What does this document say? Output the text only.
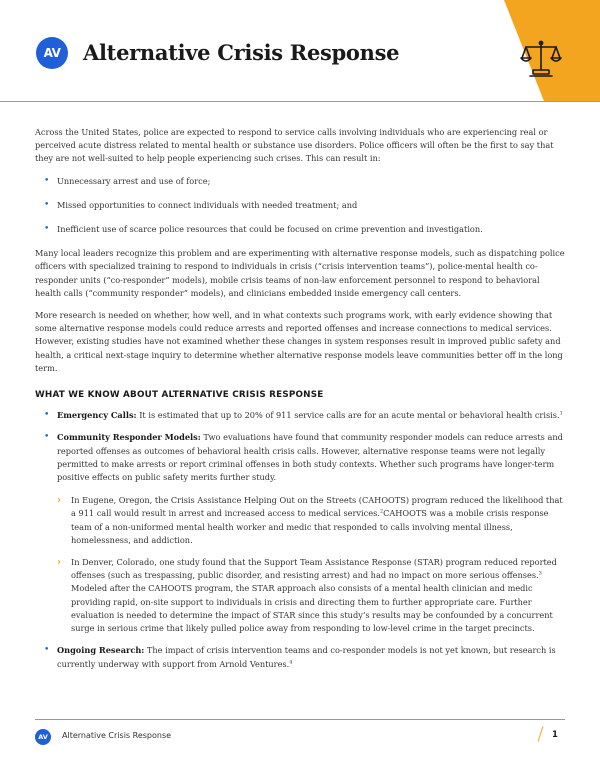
AV	Alternative Crisis Response

Across the United States, police are expected to respond to service calls involving individuals who are experiencing real or perceived acute distress related to mental health or substance use disorders. Police officers will often be the first to say that they are not well-suited to help people experiencing such crises. This can result in:

• Unnecessary arrest and use of force;
• Missed opportunities to connect individuals with needed treatment; and
• Inefficient use of scarce police resources that could be focused on crime prevention and investigation.

Many local leaders recognize this problem and are experimenting with alternative response models, such as dispatching police officers with specialized training to respond to individuals in crisis (“crisis intervention teams”), police-mental health co-responder units (“co-responder” models), mobile crisis teams of non-law enforcement personnel to respond to behavioral health calls (“community responder” models), and clinicians embedded inside emergency call centers.

More research is needed on whether, how well, and in what contexts such programs work, with early evidence showing that some alternative response models could reduce arrests and reported offenses and increase connections to medical services. However, existing studies have not examined whether these changes in system responses result in improved public safety and health, a critical next-stage inquiry to determine whether alternative response models leave communities better off in the long term.

WHAT WE KNOW ABOUT ALTERNATIVE CRISIS RESPONSE
• Emergency Calls: It is estimated that up to 20% of 911 service calls are for an acute mental or behavioral health crisis.$^1$
• Community Responder Models: Two evaluations have found that community responder models can reduce arrests and reported offenses as outcomes of behavioral health crisis calls. However, alternative response teams were not legally permitted to make arrests or report criminal offenses in both study contexts. Whether such programs have longer-term positive effects on public safety merits further study.
› In Eugene, Oregon, the Crisis Assistance Helping Out on the Streets (CAHOOTS) program reduced the likelihood that a 911 call would result in arrest and increased access to medical services.$^2$CAHOOTS was a mobile crisis response team of a non-uniformed mental health worker and medic that responded to calls involving mental illness, homelessness, and addiction.
› In Denver, Colorado, one study found that the Support Team Assistance Response (STAR) program reduced reported offenses (such as trespassing, public disorder, and resisting arrest) and had no impact on more serious offenses.$^3$ Modeled after the CAHOOTS program, the STAR approach also consists of a mental health clinician and medic providing rapid, on-site support to individuals in crisis and directing them to further appropriate care. Further evaluation is needed to determine the impact of STAR since this study’s results may be confounded by a concurrent surge in serious crime that likely pulled police away from responding to low-level crime in the target precincts.
• Ongoing Research: The impact of crisis intervention teams and co-responder models is not yet known, but research is currently underway with support from Arnold Ventures.$^4$
AV	Alternative Crisis Response	1
